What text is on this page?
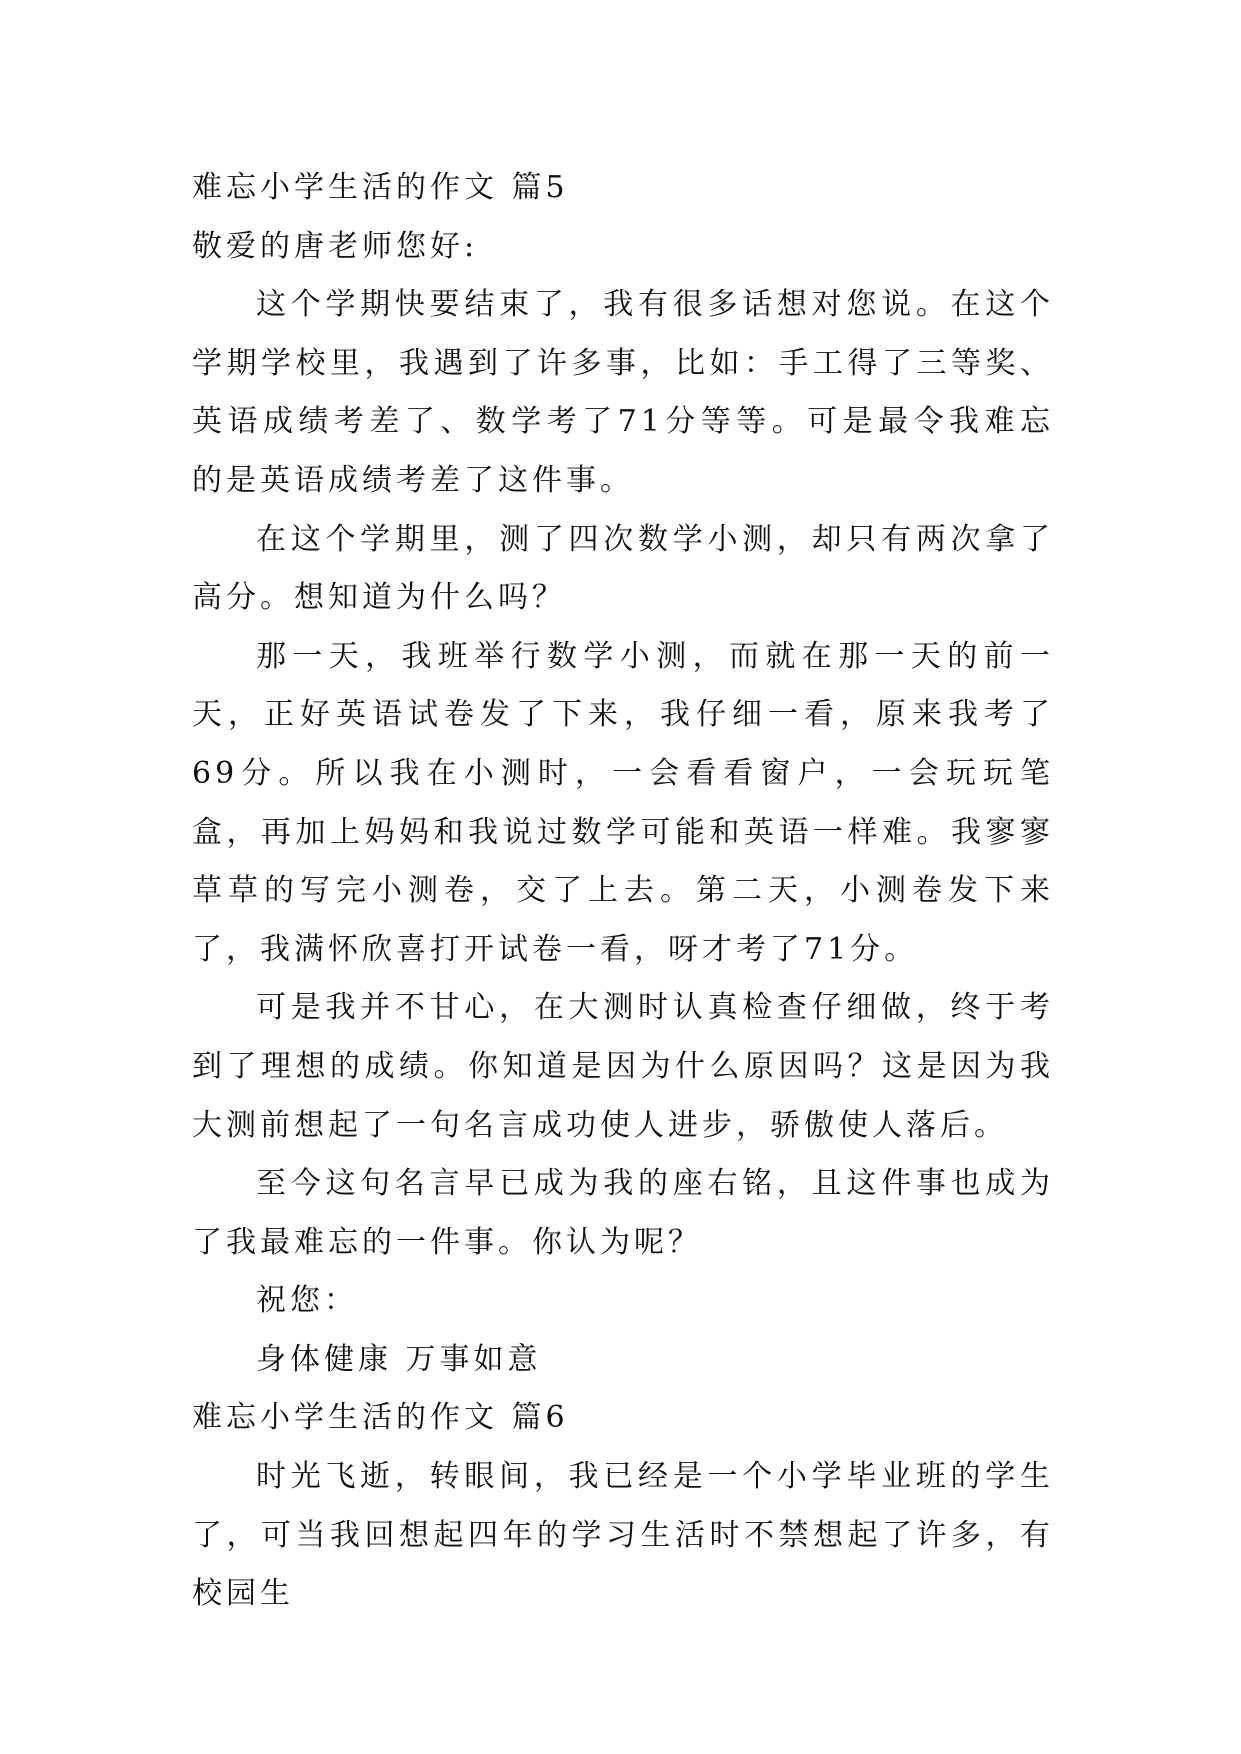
难忘小学生活的作文 篇5

敬爱的唐老师您好:

这个学期快要结束了，我有很多话想对您说。在这个学期学校里，我遇到了许多事，比如：手工得了三等奖、英语成绩考差了、数学考了71分等等。可是最令我难忘的是英语成绩考差了这件事。

在这个学期里，测了四次数学小测，却只有两次拿了高分。想知道为什么吗？

那一天，我班举行数学小测，而就在那一天的前一天，正好英语试卷发了下来，我仔细一看，原来我考了69分。所以我在小测时，一会看看窗户，一会玩玩笔盒，再加上妈妈和我说过数学可能和英语一样难。我寥寥草草的写完小测卷，交了上去。第二天，小测卷发下来了，我满怀欣喜打开试卷一看，呀才考了71分。

可是我并不甘心，在大测时认真检查仔细做，终于考到了理想的成绩。你知道是因为什么原因吗？这是因为我大测前想起了一句名言成功使人进步，骄傲使人落后。

至今这句名言早已成为我的座右铭，且这件事也成为了我最难忘的一件事。你认为呢？

祝您：

身体健康 万事如意

难忘小学生活的作文 篇6

时光飞逝，转眼间，我已经是一个小学毕业班的学生了，可当我回想起四年的学习生活时不禁想起了许多，有校园生
